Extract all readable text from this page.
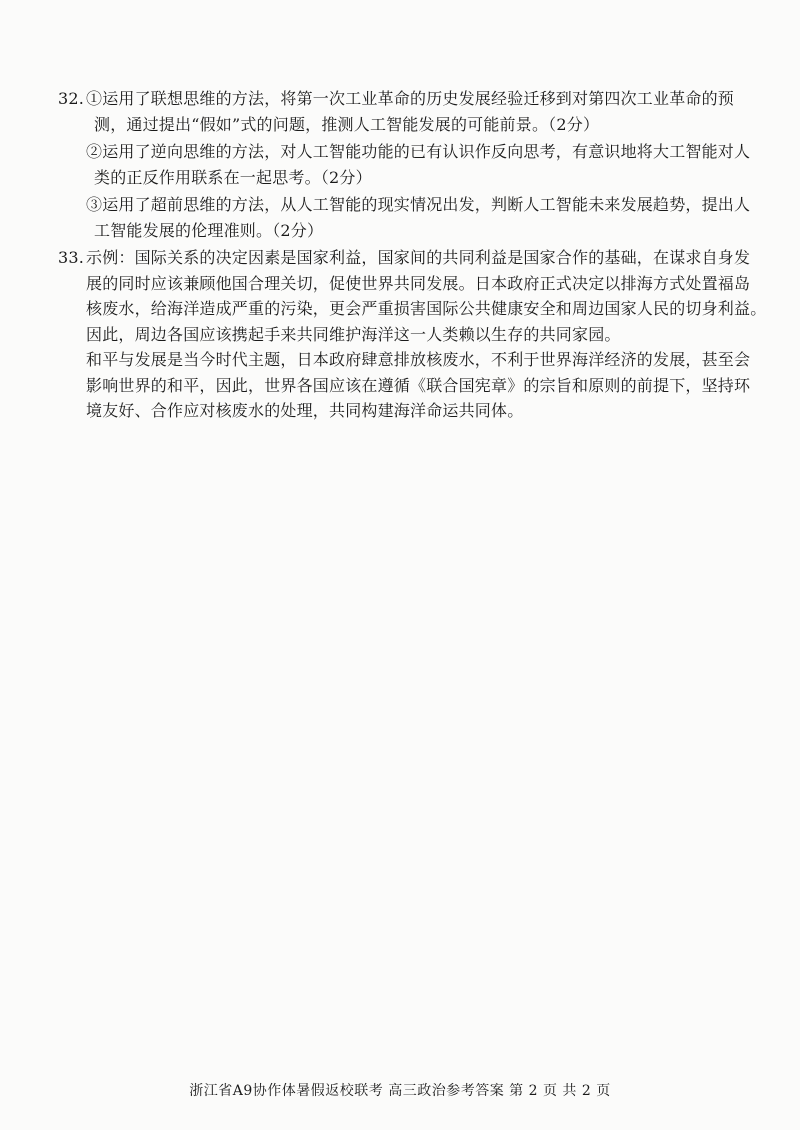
32. ①运用了联想思维的方法，将第一次工业革命的历史发展经验迁移到对第四次工业革命的预
测，通过提出“假如”式的问题，推测人工智能发展的可能前景。（2分）
②运用了逆向思维的方法，对人工智能功能的已有认识作反向思考，有意识地将大工智能对人
类的正反作用联系在一起思考。（2分）
③运用了超前思维的方法，从人工智能的现实情况出发，判断人工智能未来发展趋势，提出人
工智能发展的伦理准则。（2分）
33. 示例：国际关系的决定因素是国家利益，国家间的共同利益是国家合作的基础，在谋求自身发
展的同时应该兼顾他国合理关切，促使世界共同发展。日本政府正式决定以排海方式处置福岛
核废水，给海洋造成严重的污染，更会严重损害国际公共健康安全和周边国家人民的切身利益。
因此，周边各国应该携起手来共同维护海洋这一人类赖以生存的共同家园。
和平与发展是当今时代主题，日本政府肆意排放核废水，不利于世界海洋经济的发展，甚至会
影响世界的和平，因此，世界各国应该在遵循《联合国宪章》的宗旨和原则的前提下，坚持环
境友好、合作应对核废水的处理，共同构建海洋命运共同体。
浙江省A9协作体暑假返校联考 高三政治参考答案 第 2 页 共 2 页
